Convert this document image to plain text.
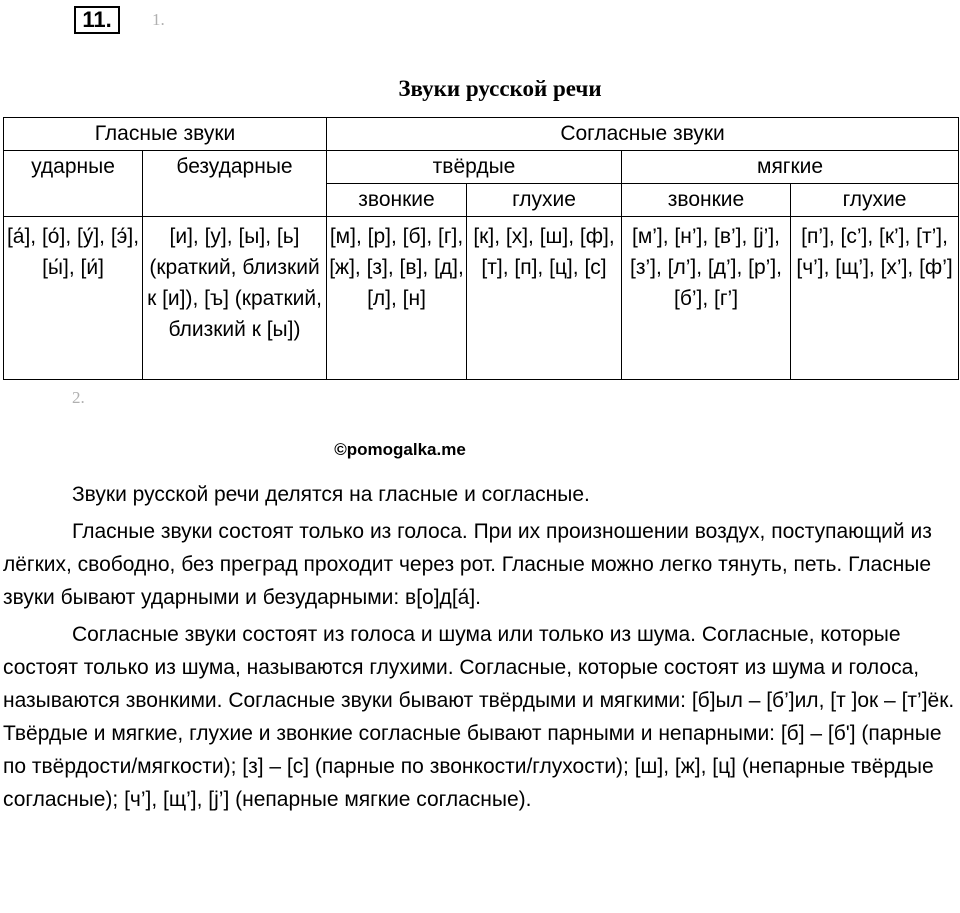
11.	1.
Звуки русской речи
Гласные звуки		Согласные звуки			
ударные	безударные	твёрдые		мягкие	
		звонкие	глухие	звонкие	глухие
[а́], [о́], [у́], [э́], [ы́], [и́]	[и], [у], [ы], [ь] (краткий, близкий к [и]), [ъ] (краткий, близкий к [ы])	[м], [р], [б], [г], [ж], [з], [в], [д], [л], [н]	[к], [х], [ш], [ф], [т], [п], [ц], [с]	[м’], [н’], [в’], [j’], [з’], [л’], [д’], [р’], [б’], [г’]	[п’], [с’], [к’], [т’], [ч’], [щ’], [х’], [ф’]
2.
©pomogalka.me

Звуки русской речи делятся на гласные и согласные.

Гласные звуки состоят только из голоса. При их произношении воздух, поступающий из лёгких, свободно, без преград проходит через рот. Гласные можно легко тянуть, петь. Гласные звуки бывают ударными и безударными: в[о]д[а́].

Согласные звуки состоят из голоса и шума или только из шума. Согласные, которые состоят только из шума, называются глухими. Согласные, которые состоят из шума и голоса, называются звонкими. Согласные звуки бывают твёрдыми и мягкими: [б]ыл – [б’]ил, [т ]ок – [т’]ёк. Твёрдые и мягкие, глухие и звонкие согласные бывают парными и непарными: [б] – [б'] (парные по твёрдости/мягкости); [з] – [с] (парные по звонкости/глухости); [ш], [ж], [ц] (непарные твёрдые согласные); [ч’], [щ’], [j’] (непарные мягкие согласные).
